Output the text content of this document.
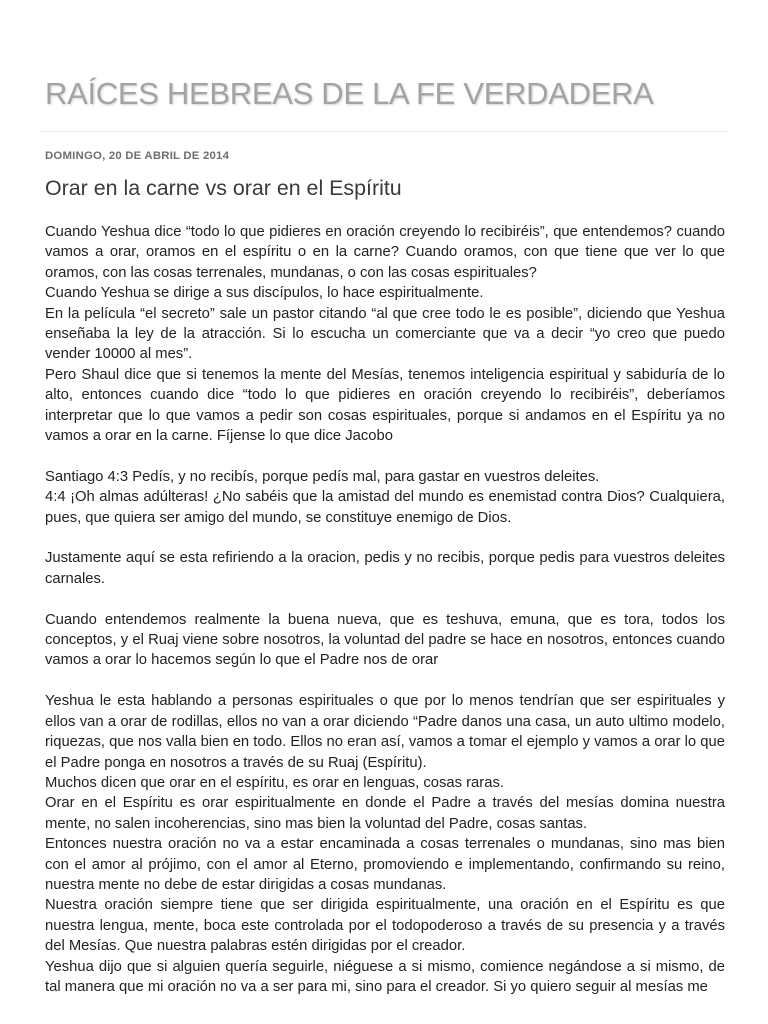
RAÍCES HEBREAS DE LA FE VERDADERA
DOMINGO, 20 DE ABRIL DE 2014
Orar en la carne vs orar en el Espíritu

Cuando Yeshua dice “todo lo que pidieres en oración creyendo lo recibiréis”, que entendemos? cuando vamos a orar, oramos en el espíritu o en la carne? Cuando oramos, con que tiene que ver lo que oramos, con las cosas terrenales, mundanas, o con las cosas espirituales?

Cuando Yeshua se dirige a sus discípulos, lo hace espiritualmente.

En la película “el secreto” sale un pastor citando “al que cree todo le es posible”, diciendo que Yeshua enseñaba la ley de la atracción. Si lo escucha un comerciante que va a decir “yo creo que puedo vender 10000 al mes”.

Pero Shaul dice que si tenemos la mente del Mesías, tenemos inteligencia espiritual y sabiduría de lo alto, entonces cuando dice “todo lo que pidieres en oración creyendo lo recibiréis”, deberíamos interpretar que lo que vamos a pedir son cosas espirituales, porque si andamos en el Espíritu ya no vamos a orar en la carne. Fíjense lo que dice Jacobo

Santiago 4:3 Pedís, y no recibís, porque pedís mal, para gastar en vuestros deleites.

4:4 ¡Oh almas adúlteras! ¿No sabéis que la amistad del mundo es enemistad contra Dios? Cualquiera, pues, que quiera ser amigo del mundo, se constituye enemigo de Dios.

Justamente aquí se esta refiriendo a la oracion, pedis y no recibis, porque pedis para vuestros deleites carnales.

Cuando entendemos realmente la buena nueva, que es teshuva, emuna, que es tora, todos los conceptos, y el Ruaj viene sobre nosotros, la voluntad del padre se hace en nosotros, entonces cuando vamos a orar lo hacemos según lo que el Padre nos de orar

Yeshua le esta hablando a personas espirituales o que por lo menos tendrían que ser espirituales y ellos van a orar de rodillas, ellos no van a orar diciendo “Padre danos una casa, un auto ultimo modelo, riquezas, que nos valla bien en todo. Ellos no eran así, vamos a tomar el ejemplo y vamos a orar lo que el Padre ponga en nosotros a través de su Ruaj (Espíritu).

Muchos dicen que orar en el espíritu, es orar en lenguas, cosas raras.

Orar en el Espíritu es orar espiritualmente en donde el Padre a través del mesías domina nuestra mente, no salen incoherencias, sino mas bien la voluntad del Padre, cosas santas.

Entonces nuestra oración no va a estar encaminada a cosas terrenales o mundanas, sino mas bien con el amor al prójimo, con el amor al Eterno, promoviendo e implementando, confirmando su reino, nuestra mente no debe de estar dirigidas a cosas mundanas.

Nuestra oración siempre tiene que ser dirigida espiritualmente, una oración en el Espíritu es que nuestra lengua, mente, boca este controlada por el todopoderoso a través de su presencia y a través del Mesías. Que nuestra palabras estén dirigidas por el creador.

Yeshua dijo que si alguien quería seguirle, niéguese a si mismo, comience negándose a si mismo, de tal manera que mi oración no va a ser para mi, sino para el creador. Si yo quiero seguir al mesías me
